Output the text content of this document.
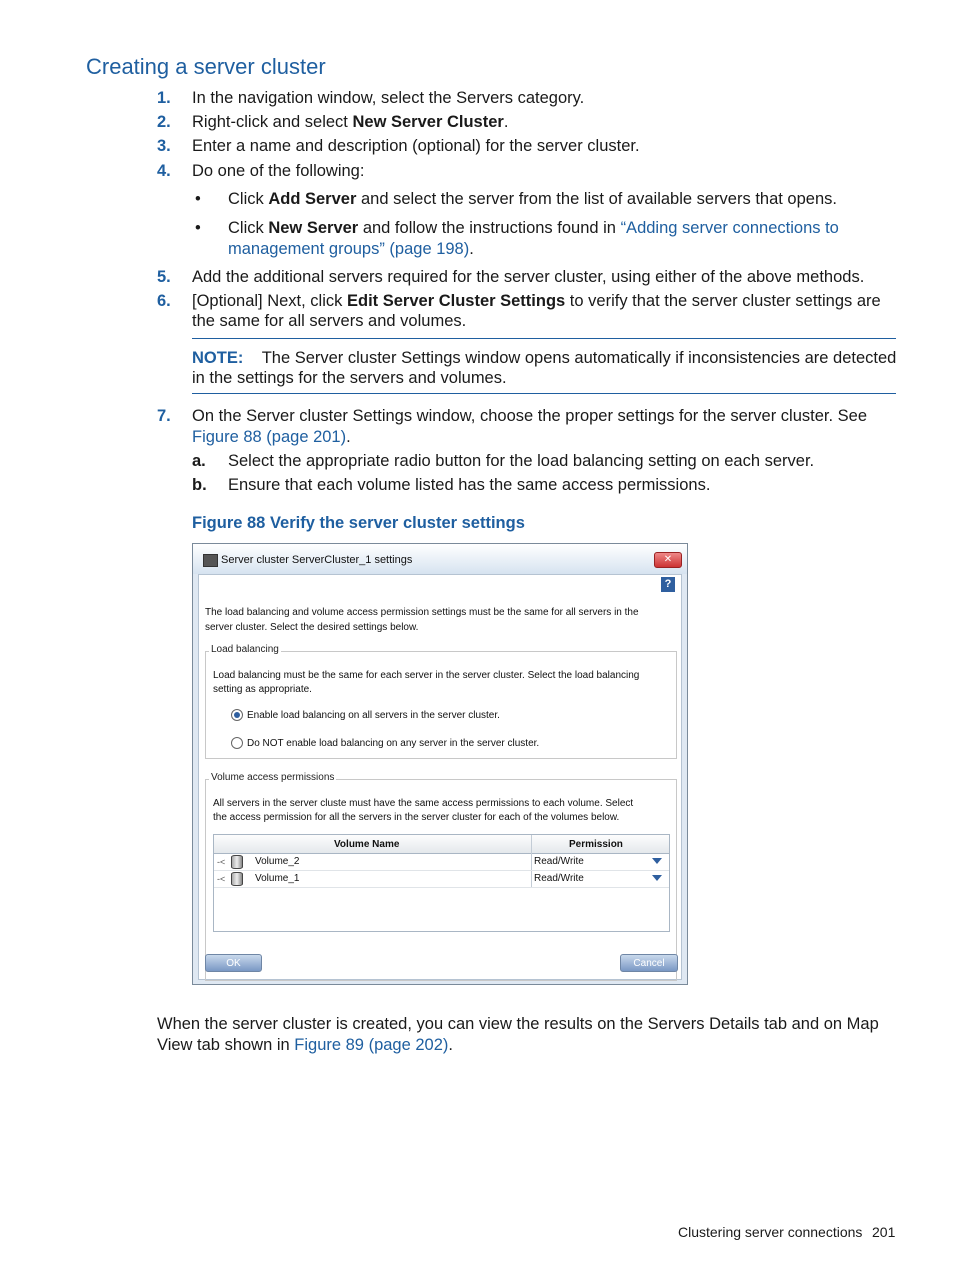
Creating a server cluster
1. In the navigation window, select the Servers category.
2. Right-click and select New Server Cluster.
3. Enter a name and description (optional) for the server cluster.
4. Do one of the following:
• Click Add Server and select the server from the list of available servers that opens.
• Click New Server and follow the instructions found in “Adding server connections to
management groups” (page 198).
5. Add the additional servers required for the server cluster, using either of the above methods.
6. [Optional] Next, click Edit Server Cluster Settings to verify that the server cluster settings are
the same for all servers and volumes.
NOTE: The Server cluster Settings window opens automatically if inconsistencies are detected
in the settings for the servers and volumes.
7. On the Server cluster Settings window, choose the proper settings for the server cluster. See
Figure 88 (page 201).
a. Select the appropriate radio button for the load balancing setting on each server.
b. Ensure that each volume listed has the same access permissions.
Figure 88 Verify the server cluster settings
Server cluster ServerCluster_1 settings	✕
?
The load balancing and volume access permission settings must be the same for all servers in the
server cluster. Select the desired settings below.
Load balancing
Load balancing must be the same for each server in the server cluster. Select the load balancing
setting as appropriate.
Enable load balancing on all servers in the server cluster.
Do NOT enable load balancing on any server in the server cluster.
Volume access permissions
All servers in the server cluste must have the same access permissions to each volume. Select
the access permission for all the servers in the server cluster for each of the volumes below.
Volume Name	Permission
-<	Volume_2	Read/Write
-<	Volume_1	Read/Write
OK	Cancel
When the server cluster is created, you can view the results on the Servers Details tab and on Map
View tab shown in Figure 89 (page 202).
Clustering server connections 201
